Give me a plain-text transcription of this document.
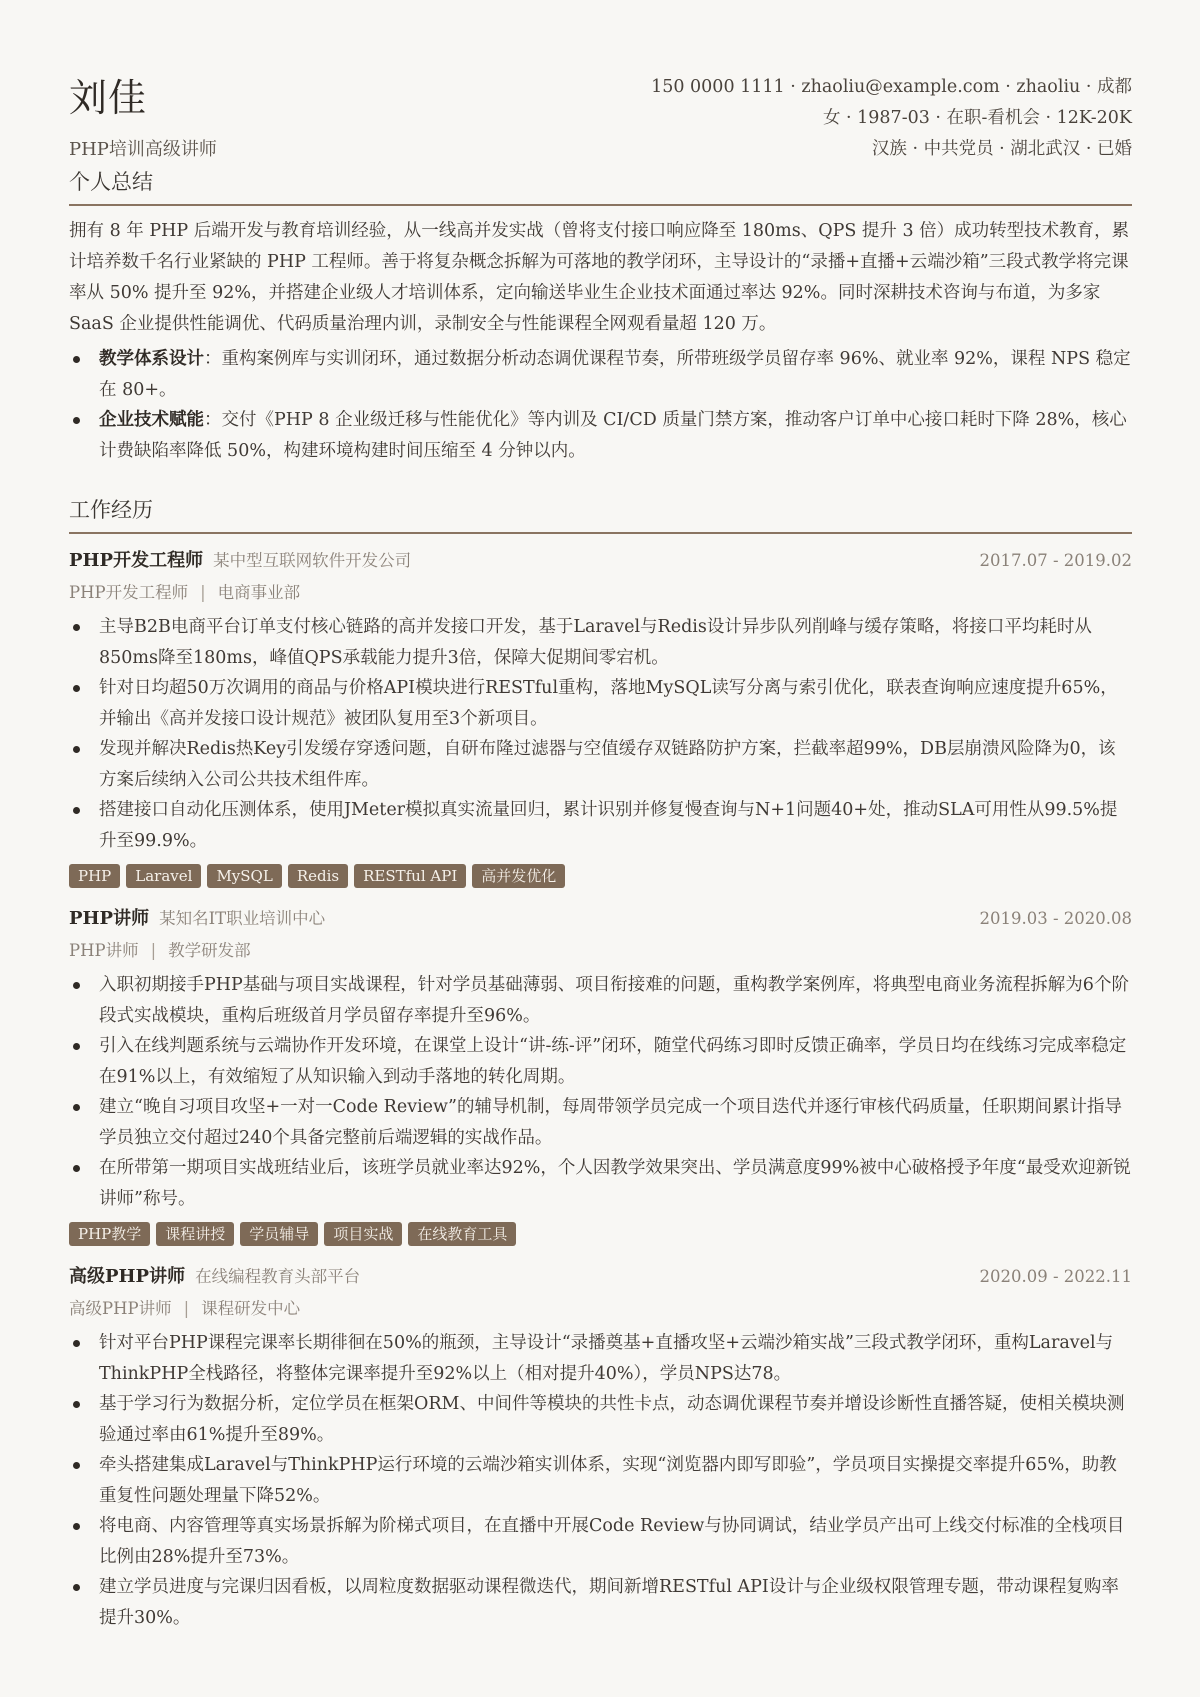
刘佳
PHP培训高级讲师
150 0000 1111 · zhaoliu@example.com · zhaoliu · 成都
女 · 1987-03 · 在职-看机会 · 12K-20K
汉族 · 中共党员 · 湖北武汉 · 已婚
个人总结

拥有 8 年 PHP 后端开发与教育培训经验，从一线高并发实战（曾将支付接口响应降至 180ms、QPS 提升 3 倍）成功转型技术教育，累计培养数千名行业紧缺的 PHP 工程师。善于将复杂概念拆解为可落地的教学闭环，主导设计的“录播+直播+云端沙箱”三段式教学将完课率从 50% 提升至 92%，并搭建企业级人才培训体系，定向输送毕业生企业技术面通过率达 92%。同时深耕技术咨询与布道，为多家 SaaS 企业提供性能调优、代码质量治理内训，录制安全与性能课程全网观看量超 120 万。

教学体系设计：重构案例库与实训闭环，通过数据分析动态调优课程节奏，所带班级学员留存率 96%、就业率 92%，课程 NPS 稳定在 80+。
企业技术赋能：交付《PHP 8 企业级迁移与性能优化》等内训及 CI/CD 质量门禁方案，推动客户订单中心接口耗时下降 28%，核心计费缺陷率降低 50%，构建环境构建时间压缩至 4 分钟以内。
工作经历
PHP开发工程师 某中型互联网软件开发公司	2017.07 - 2019.02
PHP开发工程师 | 电商事业部
主导B2B电商平台订单支付核心链路的高并发接口开发，基于Laravel与Redis设计异步队列削峰与缓存策略，将接口平均耗时从850ms降至180ms，峰值QPS承载能力提升3倍，保障大促期间零宕机。
针对日均超50万次调用的商品与价格API模块进行RESTful重构，落地MySQL读写分离与索引优化，联表查询响应速度提升65%，并输出《高并发接口设计规范》被团队复用至3个新项目。
发现并解决Redis热Key引发缓存穿透问题，自研布隆过滤器与空值缓存双链路防护方案，拦截率超99%，DB层崩溃风险降为0，该方案后续纳入公司公共技术组件库。
搭建接口自动化压测体系，使用JMeter模拟真实流量回归，累计识别并修复慢查询与N+1问题40+处，推动SLA可用性从99.5%提升至99.9%。
PHP	Laravel	MySQL	Redis	RESTful API	高并发优化
PHP讲师 某知名IT职业培训中心	2019.03 - 2020.08
PHP讲师 | 教学研发部
入职初期接手PHP基础与项目实战课程，针对学员基础薄弱、项目衔接难的问题，重构教学案例库，将典型电商业务流程拆解为6个阶段式实战模块，重构后班级首月学员留存率提升至96%。
引入在线判题系统与云端协作开发环境，在课堂上设计“讲-练-评”闭环，随堂代码练习即时反馈正确率，学员日均在线练习完成率稳定在91%以上，有效缩短了从知识输入到动手落地的转化周期。
建立“晚自习项目攻坚+一对一Code Review”的辅导机制，每周带领学员完成一个项目迭代并逐行审核代码质量，任职期间累计指导学员独立交付超过240个具备完整前后端逻辑的实战作品。
在所带第一期项目实战班结业后，该班学员就业率达92%，个人因教学效果突出、学员满意度99%被中心破格授予年度“最受欢迎新锐讲师”称号。
PHP教学	课程讲授	学员辅导	项目实战	在线教育工具
高级PHP讲师 在线编程教育头部平台	2020.09 - 2022.11
高级PHP讲师 | 课程研发中心
针对平台PHP课程完课率长期徘徊在50%的瓶颈，主导设计“录播奠基+直播攻坚+云端沙箱实战”三段式教学闭环，重构Laravel与ThinkPHP全栈路径，将整体完课率提升至92%以上（相对提升40%），学员NPS达78。
基于学习行为数据分析，定位学员在框架ORM、中间件等模块的共性卡点，动态调优课程节奏并增设诊断性直播答疑，使相关模块测验通过率由61%提升至89%。
牵头搭建集成Laravel与ThinkPHP运行环境的云端沙箱实训体系，实现“浏览器内即写即验”，学员项目实操提交率提升65%，助教重复性问题处理量下降52%。
将电商、内容管理等真实场景拆解为阶梯式项目，在直播中开展Code Review与协同调试，结业学员产出可上线交付标准的全栈项目比例由28%提升至73%。
建立学员进度与完课归因看板，以周粒度数据驱动课程微迭代，期间新增RESTful API设计与企业级权限管理专题，带动课程复购率提升30%。
